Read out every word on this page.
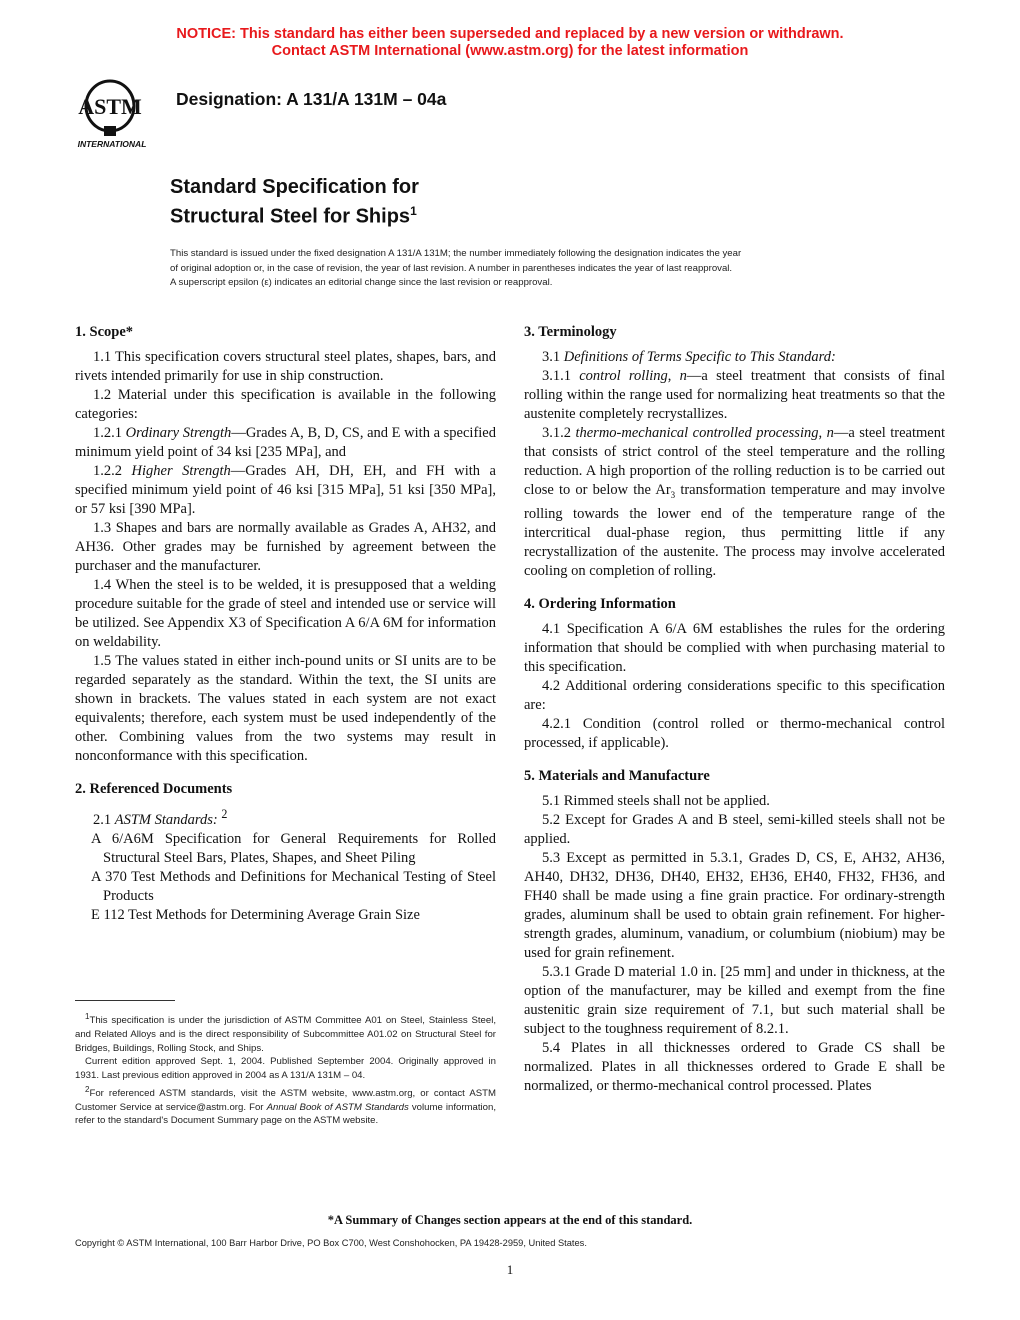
NOTICE: This standard has either been superseded and replaced by a new version or withdrawn.
Contact ASTM International (www.astm.org) for the latest information
ASTM
INTERNATIONAL
Designation: A 131/A 131M – 04a
Standard Specification for
Structural Steel for Ships$^1$
This standard is issued under the fixed designation A 131/A 131M; the number immediately following the designation indicates the year
of original adoption or, in the case of revision, the year of last revision. A number in parentheses indicates the year of last reapproval.
A superscript epsilon (ε) indicates an editorial change since the last revision or reapproval.
1. Scope*

1.1 This specification covers structural steel plates, shapes, bars, and rivets intended primarily for use in ship construction.

1.2 Material under this specification is available in the following categories:

1.2.1 Ordinary Strength—Grades A, B, D, CS, and E with a specified minimum yield point of 34 ksi [235 MPa], and

1.2.2 Higher Strength—Grades AH, DH, EH, and FH with a specified minimum yield point of 46 ksi [315 MPa], 51 ksi [350 MPa], or 57 ksi [390 MPa].

1.3 Shapes and bars are normally available as Grades A, AH32, and AH36. Other grades may be furnished by agreement between the purchaser and the manufacturer.

1.4 When the steel is to be welded, it is presupposed that a welding procedure suitable for the grade of steel and intended use or service will be utilized. See Appendix X3 of Specification A 6/A 6M for information on weldability.

1.5 The values stated in either inch-pound units or SI units are to be regarded separately as the standard. Within the text, the SI units are shown in brackets. The values stated in each system are not exact equivalents; therefore, each system must be used independently of the other. Combining values from the two systems may result in nonconformance with this specification.

2. Referenced Documents

2.1 ASTM Standards: $^2$

A 6/A6M Specification for General Requirements for Rolled Structural Steel Bars, Plates, Shapes, and Sheet Piling

A 370 Test Methods and Definitions for Mechanical Testing of Steel Products

E 112 Test Methods for Determining Average Grain Size

$^1$This specification is under the jurisdiction of ASTM Committee A01 on Steel, Stainless Steel, and Related Alloys and is the direct responsibility of Subcommittee A01.02 on Structural Steel for Bridges, Buildings, Rolling Stock, and Ships.

Current edition approved Sept. 1, 2004. Published September 2004. Originally approved in 1931. Last previous edition approved in 2004 as A 131/A 131M – 04.

$^2$For referenced ASTM standards, visit the ASTM website, www.astm.org, or contact ASTM Customer Service at service@astm.org. For Annual Book of ASTM Standards volume information, refer to the standard's Document Summary page on the ASTM website.

3. Terminology

3.1 Definitions of Terms Specific to This Standard:

3.1.1 control rolling, n—a steel treatment that consists of final rolling within the range used for normalizing heat treatments so that the austenite completely recrystallizes.

3.1.2 thermo-mechanical controlled processing, n—a steel treatment that consists of strict control of the steel temperature and the rolling reduction. A high proportion of the rolling reduction is to be carried out close to or below the $Ar_3$ transformation temperature and may involve rolling towards the lower end of the temperature range of the intercritical dual-phase region, thus permitting little if any recrystallization of the austenite. The process may involve accelerated cooling on completion of rolling.

4. Ordering Information

4.1 Specification A 6/A 6M establishes the rules for the ordering information that should be complied with when purchasing material to this specification.

4.2 Additional ordering considerations specific to this specification are:

4.2.1 Condition (control rolled or thermo-mechanical control processed, if applicable).

5. Materials and Manufacture

5.1 Rimmed steels shall not be applied.

5.2 Except for Grades A and B steel, semi-killed steels shall not be applied.

5.3 Except as permitted in 5.3.1, Grades D, CS, E, AH32, AH36, AH40, DH32, DH36, DH40, EH32, EH36, EH40, FH32, FH36, and FH40 shall be made using a fine grain practice. For ordinary-strength grades, aluminum shall be used to obtain grain refinement. For higher-strength grades, aluminum, vanadium, or columbium (niobium) may be used for grain refinement.

5.3.1 Grade D material 1.0 in. [25 mm] and under in thickness, at the option of the manufacturer, may be killed and exempt from the fine austenitic grain size requirement of 7.1, but such material shall be subject to the toughness requirement of 8.2.1.

5.4 Plates in all thicknesses ordered to Grade CS shall be normalized. Plates in all thicknesses ordered to Grade E shall be normalized, or thermo-mechanical control processed. Plates

*A Summary of Changes section appears at the end of this standard.
Copyright © ASTM International, 100 Barr Harbor Drive, PO Box C700, West Conshohocken, PA 19428-2959, United States.
1
